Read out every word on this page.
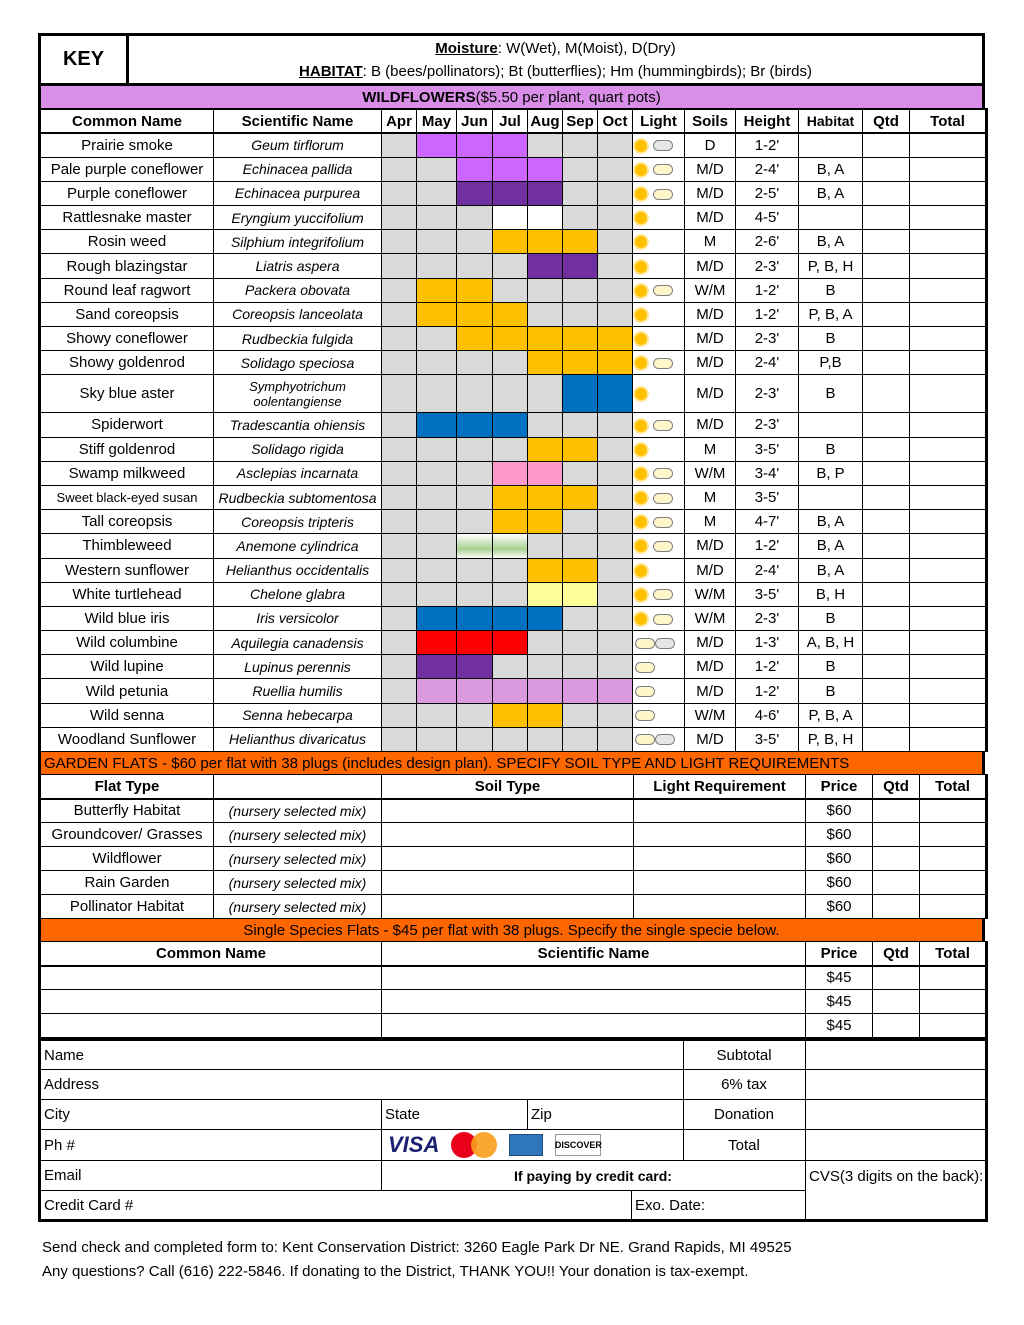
KEY	Moisture: W(Wet), M(Moist), D(Dry)
HABITAT: B (bees/pollinators); Bt (butterflies); Hm (hummingbirds); Br (birds)
WILDFLOWERS ($5.50 per plant, quart pots)
Common Name	Scientific Name	Apr	May	Jun	Jul	Aug	Sep	Oct	Light	Soils	Height	Habitat	Qtd	Total
Prairie smoke	Geum tirflorum									D	1-2'			
Pale purple coneflower	Echinacea pallida									M/D	2-4'	B, A		
Purple coneflower	Echinacea purpurea									M/D	2-5'	B, A		
Rattlesnake master	Eryngium yuccifolium									M/D	4-5'			
Rosin weed	Silphium integrifolium									M	2-6'	B, A		
Rough blazingstar	Liatris aspera									M/D	2-3'	P, B, H		
Round leaf ragwort	Packera obovata									W/M	1-2'	B		
Sand coreopsis	Coreopsis lanceolata									M/D	1-2'	P, B, A		
Showy coneflower	Rudbeckia fulgida									M/D	2-3'	B		
Showy goldenrod	Solidago speciosa									M/D	2-4'	P,B		
Sky blue aster	Symphyotrichum oolentangiense									M/D	2-3'	B		
Spiderwort	Tradescantia ohiensis									M/D	2-3'			
Stiff goldenrod	Solidago rigida									M	3-5'	B		
Swamp milkweed	Asclepias incarnata									W/M	3-4'	B, P		
Sweet black-eyed susan	Rudbeckia subtomentosa									M	3-5'			
Tall coreopsis	Coreopsis tripteris									M	4-7'	B, A		
Thimbleweed	Anemone cylindrica									M/D	1-2'	B, A		
Western sunflower	Helianthus occidentalis									M/D	2-4'	B, A		
White turtlehead	Chelone glabra									W/M	3-5'	B, H		
Wild blue iris	Iris versicolor									W/M	2-3'	B		
Wild columbine	Aquilegia canadensis									M/D	1-3'	A, B, H		
Wild lupine	Lupinus perennis									M/D	1-2'	B		
Wild petunia	Ruellia humilis									M/D	1-2'	B		
Wild senna	Senna hebecarpa									W/M	4-6'	P, B, A		
Woodland Sunflower	Helianthus divaricatus									M/D	3-5'	P, B, H		
GARDEN FLATS - $60 per flat with 38 plugs (includes design plan). SPECIFY SOIL TYPE AND LIGHT REQUIREMENTS
Flat Type		Soil Type	Light Requirement	Price	Qtd	Total
Butterfly Habitat	(nursery selected mix)			$60		
Groundcover/ Grasses	(nursery selected mix)			$60		
Wildflower	(nursery selected mix)			$60		
Rain Garden	(nursery selected mix)			$60		
Pollinator Habitat	(nursery selected mix)			$60		
Single Species Flats - $45 per flat with 38 plugs. Specify the single specie below.
Common Name	Scientific Name	Price	Qtd	Total
		$45		
		$45		
		$45		
Name				Subtotal	
Address				6% tax	
City	State	Zip		Donation	
Ph #	VISA DISCOVER			Total	
Email	If paying by credit card:				CVS(3 digits on the back):
Credit Card #			Exo. Date:		
Send check and completed form to: Kent Conservation District: 3260 Eagle Park Dr NE. Grand Rapids, MI 49525
Any questions? Call (616) 222-5846. If donating to the District, THANK YOU!! Your donation is tax-exempt.
